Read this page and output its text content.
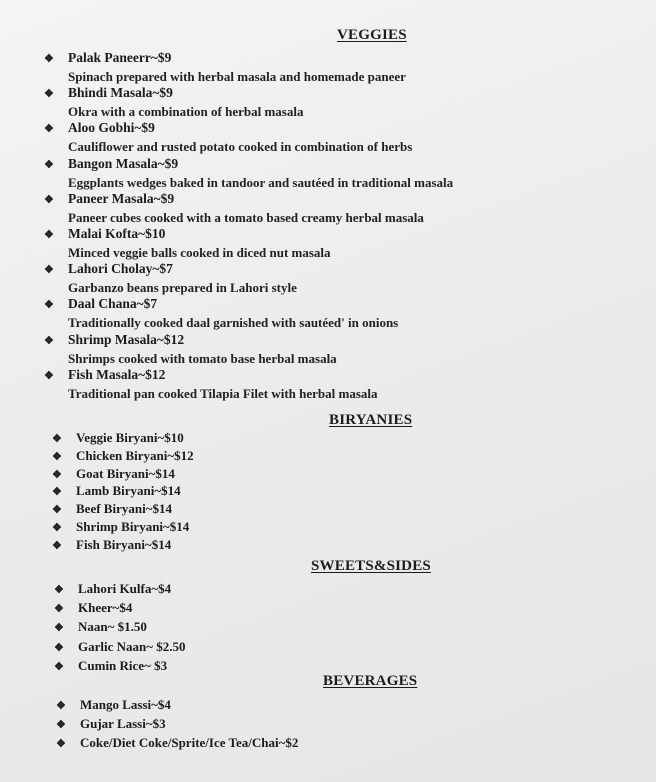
VEGGIES
❖ Palak Paneerr~$9
Spinach prepared with herbal masala and homemade paneer
❖ Bhindi Masala~$9
Okra with a combination of herbal masala
❖ Aloo Gobhi~$9
Cauliflower and rusted potato cooked in combination of herbs
❖ Bangon Masala~$9
Eggplants wedges baked in tandoor and sautéed in traditional masala
❖ Paneer Masala~$9
Paneer cubes cooked with a tomato based creamy herbal masala
❖ Malai Kofta~$10
Minced veggie balls cooked in diced nut masala
❖ Lahori Cholay~$7
Garbanzo beans prepared in Lahori style
❖ Daal Chana~$7
Traditionally cooked daal garnished with sautéed' in onions
❖ Shrimp Masala~$12
Shrimps cooked with tomato base herbal masala
❖ Fish Masala~$12
Traditional pan cooked Tilapia Filet with herbal masala
BIRYANIES
❖ Veggie Biryani~$10
❖ Chicken Biryani~$12
❖ Goat Biryani~$14
❖ Lamb Biryani~$14
❖ Beef Biryani~$14
❖ Shrimp Biryani~$14
❖ Fish Biryani~$14
SWEETS&SIDES
❖ Lahori Kulfa~$4
❖ Kheer~$4
❖ Naan~ $1.50
❖ Garlic Naan~ $2.50
❖ Cumin Rice~ $3
BEVERAGES
❖ Mango Lassi~$4
❖ Gujar Lassi~$3
❖ Coke/Diet Coke/Sprite/Ice Tea/Chai~$2
